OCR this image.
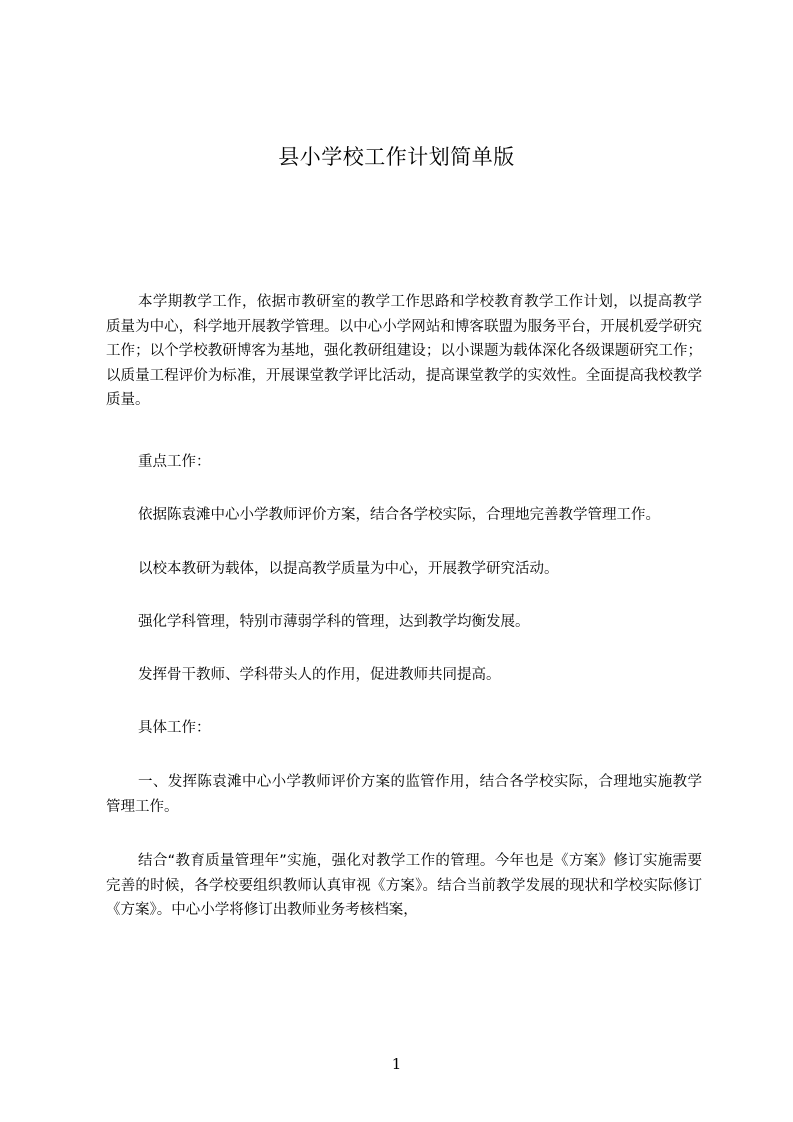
县小学校工作计划简单版

本学期教学工作，依据市教研室的教学工作思路和学校教育教学工作计划，以提高教学质量为中心，科学地开展教学管理。以中心小学网站和博客联盟为服务平台，开展机爱学研究工作；以个学校教研博客为基地，强化教研组建设；以小课题为载体深化各级课题研究工作；以质量工程评价为标准，开展课堂教学评比活动，提高课堂教学的实效性。全面提高我校教学质量。

重点工作：
依据陈袁滩中心小学教师评价方案，结合各学校实际，合理地完善教学管理工作。
以校本教研为载体，以提高教学质量为中心，开展教学研究活动。
强化学科管理，特别市薄弱学科的管理，达到教学均衡发展。
发挥骨干教师、学科带头人的作用，促进教师共同提高。
具体工作：

一、发挥陈袁滩中心小学教师评价方案的监管作用，结合各学校实际，合理地实施教学管理工作。

结合“教育质量管理年”实施，强化对教学工作的管理。今年也是《方案》修订实施需要完善的时候，各学校要组织教师认真审视《方案》。结合当前教学发展的现状和学校实际修订《方案》。中心小学将修订出教师业务考核档案，

1
